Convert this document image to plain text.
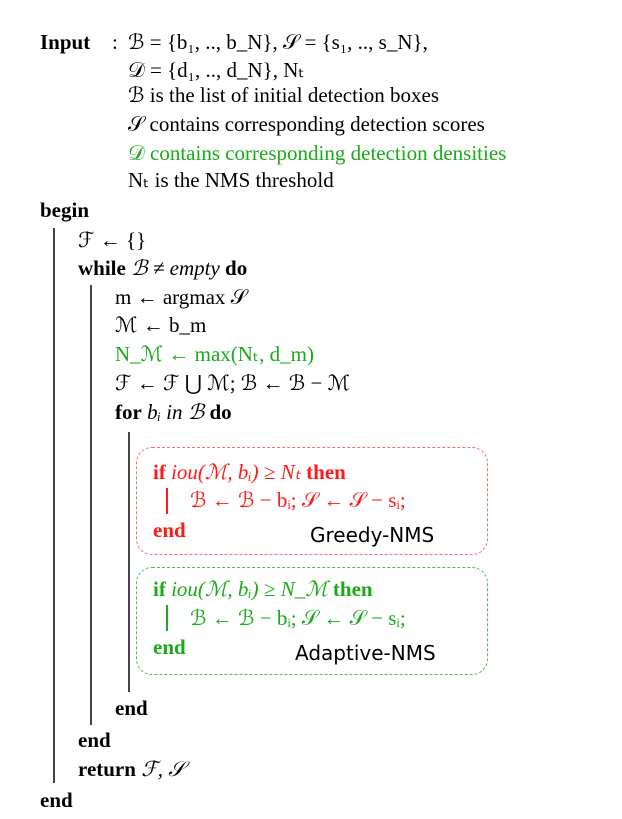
Input : ℬ = {b₁, .., b_N}, 𝒮 = {s₁, .., s_N},
𝒟 = {d₁, .., d_N}, Nₜ
ℬ is the list of initial detection boxes
𝒮 contains corresponding detection scores
𝒟 contains corresponding detection densities
Nₜ is the NMS threshold
begin
ℱ ← {}
while ℬ ≠ empty do
m ← argmax 𝒮
ℳ ← b_m
N_ℳ ← max(Nₜ, d_m)
ℱ ← ℱ ⋃ ℳ; ℬ ← ℬ − ℳ
for bᵢ in ℬ do
if iou(ℳ, bᵢ) ≥ Nₜ then
ℬ ← ℬ − bᵢ; 𝒮 ← 𝒮 − sᵢ;
end	Greedy-NMS
if iou(ℳ, bᵢ) ≥ N_ℳ then
ℬ ← ℬ − bᵢ; 𝒮 ← 𝒮 − sᵢ;
end	Adaptive-NMS
end
end
return ℱ, 𝒮
end
